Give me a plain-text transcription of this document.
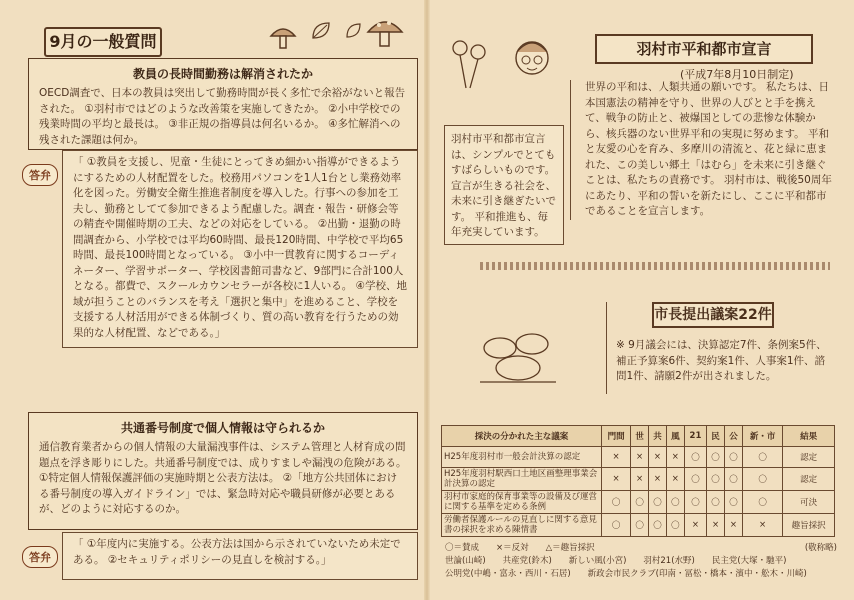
9月の一般質問
教員の長時間勤務は解消されたか
OECD調査で、日本の教員は突出して勤務時間が長く多忙で余裕がないと報告された。 ①羽村市ではどのような改善策を実施してきたか。 ②小中学校での残業時間の平均と最長は。 ③非正規の指導員は何名いるか。 ④多忙解消への残された課題は何か。
答弁
「 ①教員を支援し、児童・生徒にとってきめ細かい指導ができるようにするための人材配置をした。校務用パソコンを1人1台とし業務効率化を図った。労働安全衛生推進者制度を導入した。行事への参加を工夫し、勤務としてて参加できるよう配慮した。調査・報告・研修会等の精査や開催時期の工夫、などの対応をしている。 ②出勤・退勤の時間調査から、小学校では平均60時間、最長120時間、中学校で平均65時間、最長100時間となっている。 ③小中一貫教育に関するコーディネーター、学習サポーター、学校図書館司書など、9部門に合計100人となる。都費で、スクールカウンセラーが各校に1人いる。 ④学校、地域が担うことのバランスを考え「選択と集中」を進めること、学校を支援する人材活用ができる体制づくり、質の高い教育を行うための効果的な人材配置、などである。」
共通番号制度で個人情報は守られるか
通信教育業者からの個人情報の大量漏洩事件は、システム管理と人材育成の問題点を浮き彫りにした。共通番号制度では、成りすましや漏洩の危険がある。 ①特定個人情報保護評価の実施時期と公表方法は。 ②「地方公共団体における番号制度の導入ガイドライン」では、緊急時対応や職員研修が必要とあるが、どのように対応するのか。
答弁
「 ①年度内に実施する。公表方法は国から示されていないため未定である。 ②セキュリティポリシーの見直しを検討する。」
羽村市平和都市宣言
(平成7年8月10日制定)
世界の平和は、人類共通の願いです。 私たちは、日本国憲法の精神を守り、世界の人びとと手を携えて、戦争の防止と、被爆国としての悲惨な体験から、核兵器のない世界平和の実現に努めます。 平和と友愛の心を育み、多摩川の清流と、花と緑に恵まれた、この美しい郷土「はむら」を未来に引き継ぐことは、私たちの責務です。 羽村市は、戦後50周年にあたり、平和の誓いを新たにし、ここに平和都市であることを宣言します。
羽村市平和都市宣言は、シンプルでとてもすばらしいものです。 宣言が生きる社会を、未来に引き継ぎたいです。 平和推進も、毎年充実しています。
市長提出議案22件
※ 9月議会には、決算認定7件、条例案5件、補正予算案6件、契約案1件、人事案1件、諮問1件、請願2件が出されました。
採決の分かれた主な議案	門間	世	共	風	21	民	公	新・市	結果
H25年度羽村市一般会計決算の認定	×	×	×	×	〇	〇	〇	〇	認定
H25年度羽村駅西口土地区画整理事業会計決算の認定	×	×	×	×	〇	〇	〇	〇	認定
羽村市家庭的保育事業等の設備及び運営に関する基準を定める条例	〇	〇	〇	〇	〇	〇	〇	〇	可決
労働者保護ルールの見直しに関する意見書の採択を求める陳情書	〇	〇	〇	〇	×	×	×	×	趣旨採択
〇＝賛成　　×＝反対　　△＝趣旨採択	(敬称略)
世論(山崎)　　共産党(鈴木)　　新しい風(小宮)　　羽村21(水野)　　民主党(大塚・馳平)
公明党(中嶋・富永・西川・石居)　　新政会市民クラブ(印南・冨松・橋本・濱中・舩木・川崎)
